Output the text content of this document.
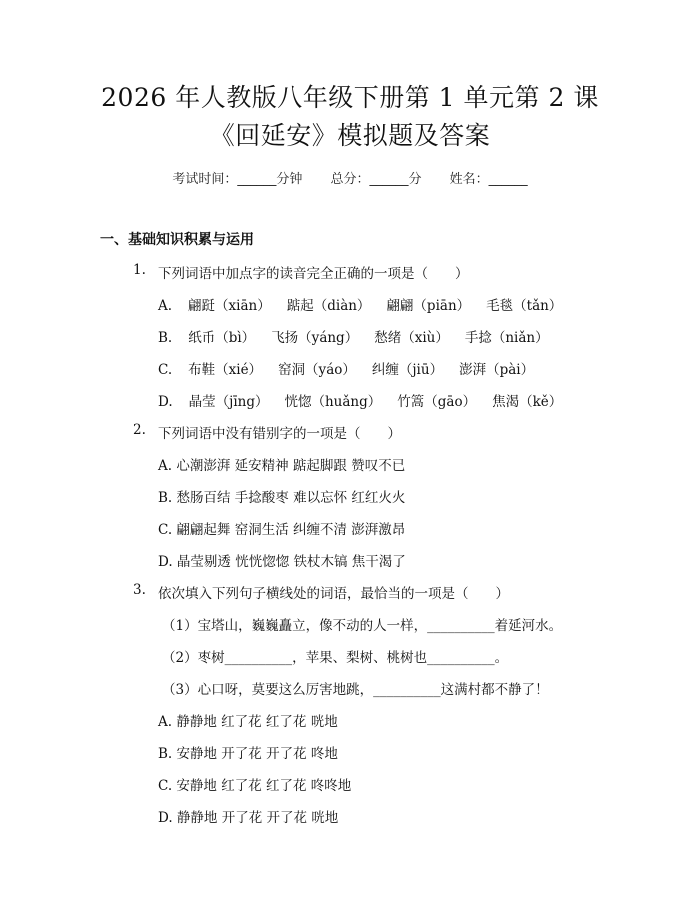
2026 年人教版八年级下册第 1 单元第 2 课
《回延安》模拟题及答案
考试时间：______分钟 总分：______分 姓名：______
一、基础知识积累与运用
1. 下列词语中加点字的读音完全正确的一项是（　　）
A. 翩跹（xiān） 踮起（diàn） 翩翩（piān） 毛毯（tǎn）
B. 纸币（bì） 飞扬（yáng） 愁绪（xiù） 手捻（niǎn）
C. 布鞋（xié） 窑洞（yáo） 纠缠（jiū） 澎湃（pài）
D. 晶莹（jīng） 恍惚（huǎng） 竹篙（gāo） 焦渴（kě）
2. 下列词语中没有错别字的一项是（　　）
A. 心潮澎湃 延安精神 踮起脚跟 赞叹不已
B. 愁肠百结 手捻酸枣 难以忘怀 红红火火
C. 翩翩起舞 窑洞生活 纠缠不清 澎湃激昂
D. 晶莹剔透 恍恍惚惚 铁杖木镐 焦干渴了
3. 依次填入下列句子横线处的词语，最恰当的一项是（　　）
（1）宝塔山，巍巍矗立，像不动的人一样，__________着延河水。
（2）枣树__________，苹果、梨树、桃树也__________。
（3）心口呀，莫要这么厉害地跳，__________这满村都不静了！
A. 静静地 红了花 红了花 咣地
B. 安静地 开了花 开了花 咚地
C. 安静地 红了花 红了花 咚咚地
D. 静静地 开了花 开了花 咣地
